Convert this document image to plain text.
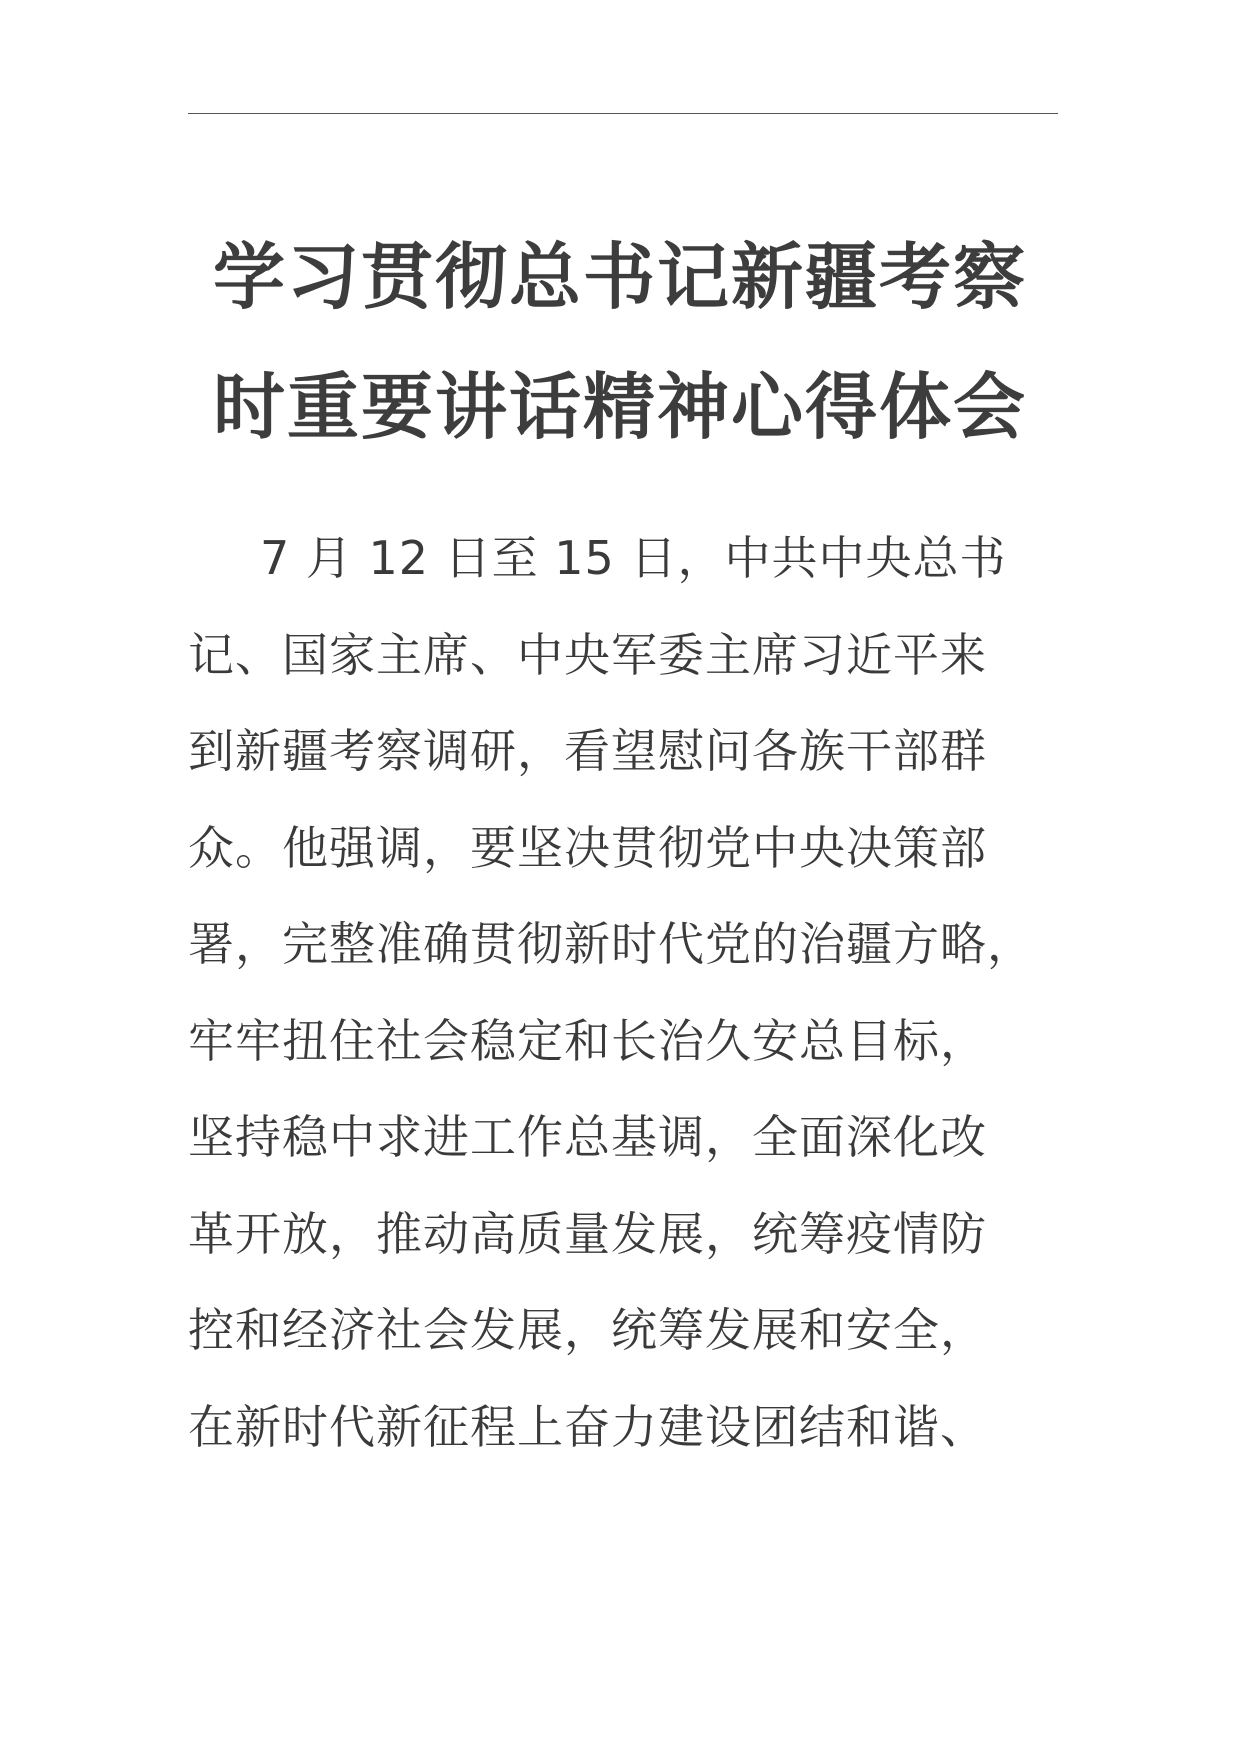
学习贯彻总书记新疆考察
时重要讲话精神心得体会
7 月 12 日至 15 日，中共中央总书
记、国家主席、中央军委主席习近平来
到新疆考察调研，看望慰问各族干部群
众。他强调，要坚决贯彻党中央决策部
署，完整准确贯彻新时代党的治疆方略，
牢牢扭住社会稳定和长治久安总目标，
坚持稳中求进工作总基调，全面深化改
革开放，推动高质量发展，统筹疫情防
控和经济社会发展，统筹发展和安全，
在新时代新征程上奋力建设团结和谐、
